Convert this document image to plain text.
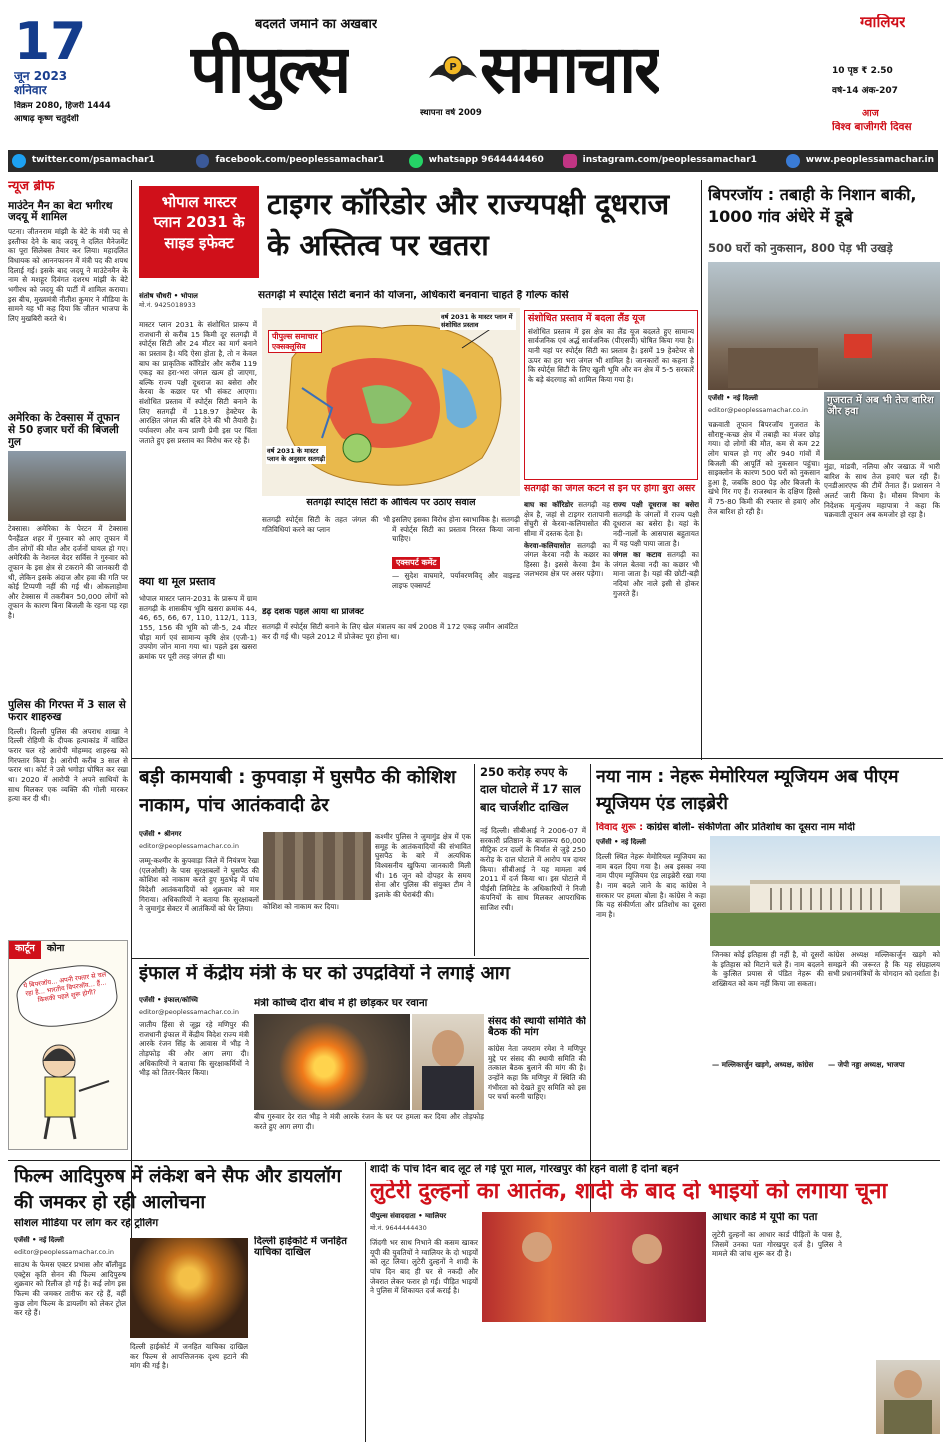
17
जून 2023
शनिवार
विक्रम 2080, हिजरी 1444
आषाढ़ कृष्ण चतुर्दशी
बदलते जमाने का अखबार
पीपुल्स	P समाचार
स्थापना वर्ष 2009
ग्वालियर
10 पृष्ठ ₹ 2.50
वर्ष-14 अंक-207
आज
विश्व बाजीगरी दिवस
twitter.com/psamachar1	facebook.com/peoplessamachar1	whatsapp 9644444460	instagram.com/peoplessamachar1	www.peoplessamachar.in
न्यूज ब्रीफ
माउंटेन मैन का बेटा भगीरथ जदयू में शामिल
पटना। जीतनराम मांझी के बेटे के मंत्री पद से इस्तीफा देने के बाद जदयू ने दलित मैनेजमेंट का पूरा सिलेबस तैयार कर लिया। महादलित विधायक को आननफानन में मंत्री पद की शपथ दिलाई गई। इसके बाद जदयू ने माउंटेनमैन के नाम से मशहूर दिवंगत दशरथ मांझी के बेटे भगीरथ को जदयू की पार्टी में शामिल कराया। इस बीच, मुख्यमंत्री नीतीश कुमार ने मीडिया के सामने यह भी कह दिया कि जीतन भाजपा के लिए मुखबिरी करते थे।
अमेरिका के टेक्सास में तूफान से 50 हजार घरों की बिजली गुल
टेक्सास। अमेरिका के पेरटन में टेक्सास पैनहैंडल शहर में गुरुवार को आए तूफान में तीन लोगों की मौत और दर्जनों घायल हो गए। अमेरिकी के नेशनल वेदर सर्विस ने गुरुवार को तूफान के इस क्षेत्र से टकराने की जानकारी दी थी, लेकिन इसके अंदाज और हवा की गति पर कोई टिप्पणी नहीं की गई थी। ओकलाहोमा और टेक्सास में तकरीबन 50,000 लोगों को तूफान के कारण बिना बिजली के रहना पड़ रहा है।
पुलिस की गिरफ्त में 3 साल से फरार शाहरुख
दिल्ली। दिल्ली पुलिस की अपराध शाखा ने दिल्ली रोहिणी के दीपक हत्याकांड में वांछित फरार चल रहे आरोपी मोहम्मद शाहरुख को गिरफ्तार किया है। आरोपी करीब 3 साल से फरार था। कोर्ट ने उसे भगोड़ा घोषित कर रखा था। 2020 में आरोपी ने अपने साथियों के साथ मिलकर एक व्यक्ति की गोली मारकर हत्या कर दी थी।
कार्टून	कोना
ये बिपरजॉय... अपनी रफ्तार से चल रहा है... भारतीय बिपरजॉय... हैं... किसकी पहले शुरू होगी?
भोपाल मास्टर प्लान 2031 के साइड इफेक्ट
टाइगर कॉरिडोर और राज्यपक्षी दूधराज के अस्तित्व पर खतरा
सतगढ़ी में स्पोर्ट्स सिटी बनाने की योजना, अधिकारी बनवाना चाहते हैं गोल्फ कोर्स
संतोष चौधरी • भोपाल
मो.नं. 9425018933
मास्टर प्लान 2031 के संशोधित प्रारूप में राजधानी से करीब 15 किमी दूर सतगढ़ी में स्पोर्ट्स सिटी और 24 मीटर का मार्ग बनाने का प्रस्ताव है। यदि ऐसा होता है, तो न केवल बाघ का प्राकृतिक कॉरिडोर और करीब 119 एकड़ का हरा-भरा जंगल खत्म हो जाएगा, बल्कि राज्य पक्षी दूधराज का बसेरा और केरवा के कछार पर भी संकट आएगा। संशोधित प्रस्ताव में स्पोर्ट्स सिटी बनाने के लिए सतगढ़ी में 118.97 हेक्टेयर के आरक्षित जंगल की बलि देने की भी तैयारी है। पर्यावरण और वन्य प्राणी प्रेमी इस पर चिंता जताते हुए इस प्रस्ताव का विरोध कर रहे हैं।
क्या था मूल प्रस्ताव
भोपाल मास्टर प्लान-2031 के प्रारूप में ग्राम सतगढ़ी के शासकीय भूमि खसरा क्रमांक 44, 46, 65, 66, 67, 110, 112/1, 113, 155, 156 की भूमि को जी-5, 24 मीटर चौड़ा मार्ग एवं सामान्य कृषि क्षेत्र (एजी-1) उपयोग जोन माना गया था। पहले इस खसरा क्रमांक पर पूरी तरह जंगल ही था।
पीपुल्स समाचार
एक्सक्लूसिव
वर्ष 2031 के मास्टर प्लान में संशोधित प्रस्ताव
वर्ष 2031 के मास्टर प्लान के अनुसार सतगढ़ी
सतगढ़ी स्पोर्ट्स सिटी के औचित्य पर उठाए सवाल
संशोधित प्रस्ताव में बदला लैंड यूज
संशोधित प्रस्ताव में इस क्षेत्र का लैंड यूज बदलते हुए सामान्य सार्वजनिक एवं अर्द्ध सार्वजनिक (पीएसपी) घोषित किया गया है। यानी यहां पर स्पोर्ट्स सिटी का प्रस्ताव है। इसमें 19 हेक्टेयर से ऊपर का हरा भरा जंगल भी शामिल है। जानकारों का कहना है कि स्पोर्ट्स सिटी के लिए खुली भूमि और वन क्षेत्र में 5-5 सरकारें के बड़े बंदरगाह को शामिल किया गया है।
सतगढ़ी का जंगल कटने से इन पर होगा बुरा असर
बाघ का कॉरिडोर सतगढ़ी वह क्षेत्र है, जहां से टाइगर रातापानी सेंचुरी से केरवा-कलियासोत की सीमा में दस्तक देता है।
केरवा-कलियासोत सतगढ़ी का जंगल केरवा नदी के कछार का हिस्सा है। इससे केरवा डैम के जलभराव क्षेत्र पर असर पड़ेगा।
राज्य पक्षी दूधराज का बसेरा सतगढ़ी के जंगलों में राज्य पक्षी दूधराज का बसेरा है। यहां के नदी-नालों के आसपास बहुतायत में यह पक्षी पाया जाता है।
जंगल का कटाव सतगढ़ी का जंगल बेतवा नदी का कछार भी माना जाता है। यहां की छोटी-बड़ी नदियां और नाले इसी से होकर गुजरते हैं।
सतगढ़ी स्पोर्ट्स सिटी के तहत जंगल की भी गतिविधियां करने का प्लान
इसलिए इसका विरोध होना स्वाभाविक है। सतगढ़ी में स्पोर्ट्स सिटी का प्रस्ताव निरस्त किया जाना चाहिए।
एक्सपर्ट कमेंट
— सुदेश वाघमारे, पर्यावरणविद् और वाइल्ड लाइफ एक्सपर्ट
डेढ़ दशक पहले आया था प्रोजेक्ट
सतगढ़ी में स्पोर्ट्स सिटी बनाने के लिए खेल मंत्रालय का वर्ष 2008 में 172 एकड़ जमीन आवंटित कर दी गई थी। पहले 2012 में प्रोजेक्ट पूरा होना था।
बिपरजॉय : तबाही के निशान बाकी, 1000 गांव अंधेरे में डूबे
500 घरों को नुकसान, 800 पेड़ भी उखड़े
एजेंसी • नई दिल्ली
editor@peoplessamachar.co.in
गुजरात में अब भी तेज बारिश और हवा
चक्रवाती तूफान बिपरजॉय गुजरात के सौराष्ट्र-कच्छ क्षेत्र में तबाही का मंजर छोड़ गया। दो लोगों की मौत, कम से कम 22 लोग घायल हो गए और 940 गांवों में बिजली की आपूर्ति को नुकसान पहुंचा। साइक्लोन के कारण 500 घरों को नुकसान हुआ है, जबकि 800 पेड़ और बिजली के खंभे गिर गए हैं। राजस्थान के दक्षिण हिस्से में 75-80 किमी की रफ्तार से हवाएं और तेज बारिश हो रही है।
मुंद्रा, मांडवी, नलिया और जखाऊ में भारी बारिश के साथ तेज हवाएं चल रही हैं। एनडीआरएफ की टीमें तैनात हैं। प्रशासन ने अलर्ट जारी किया है। मौसम विभाग के निदेशक मृत्युंजय महापात्रा ने कहा कि चक्रवाती तूफान अब कमजोर हो रहा है।
बड़ी कामयाबी : कुपवाड़ा में घुसपैठ की कोशिश नाकाम, पांच आतंकवादी ढेर
एजेंसी • श्रीनगर
editor@peoplessamachar.co.in
जम्मू-कश्मीर के कुपवाड़ा जिले में नियंत्रण रेखा (एलओसी) के पास सुरक्षाबलों ने घुसपैठ की कोशिश को नाकाम करते हुए मुठभेड़ में पांच विदेशी आतंकवादियों को शुक्रवार को मार गिराया। अधिकारियों ने बताया कि सुरक्षाबलों ने जुमागुंड सेक्टर में आतंकियों को घेर लिया।	कोशिश को नाकाम कर दिया।
कश्मीर पुलिस ने जुमागुंड क्षेत्र में एक समूह के आतंकवादियों की संभावित घुसपैठ के बारे में अत्यधिक विश्वसनीय खुफिया जानकारी मिली थी। 16 जून को दोपहर के समय सेना और पुलिस की संयुक्त टीम ने इलाके की घेराबंदी की।
250 करोड़ रुपए के दाल घोटाले में 17 साल बाद चार्जशीट दाखिल
नई दिल्ली। सीबीआई ने 2006-07 में सरकारी प्रतिष्ठान के बाजारूप 60,000 मीट्रिक टन दालों के निर्यात से जुड़े 250 करोड़ के दाल घोटाले में आरोप पत्र दायर किया। सीबीआई ने यह मामला वर्ष 2011 में दर्ज किया था। इस घोटाले में पीईसी लिमिटेड के अधिकारियों ने निजी कंपनियों के साथ मिलकर आपराधिक साजिश रची।
नया नाम : नेहरू मेमोरियल म्यूजियम अब पीएम म्यूजियम एंड लाइब्रेरी
विवाद शुरू : कांग्रेस बोली- संकीर्णता और प्रतिशोध का दूसरा नाम मोदी
एजेंसी • नई दिल्ली
दिल्ली स्थित नेहरू मेमोरियल म्यूजियम का नाम बदल दिया गया है। अब इसका नया नाम पीएम म्यूजियम एंड लाइब्रेरी रखा गया है। नाम बदले जाने के बाद कांग्रेस ने सरकार पर हमला बोला है। कांग्रेस ने कहा कि यह संकीर्णता और प्रतिशोध का दूसरा नाम है।
जिनका कोई इतिहास ही नहीं है, वो दूसरों के इतिहास को मिटाने चले हैं। नाम बदलने के कुत्सित प्रयास से पंडित नेहरू की शख्सियत को कम नहीं किया जा सकता।
— मल्लिकार्जुन खड़गे, अध्यक्ष, कांग्रेस
कांग्रेस अध्यक्ष मल्लिकार्जुन खड़गे को समझने की जरूरत है कि यह संग्रहालय सभी प्रधानमंत्रियों के योगदान को दर्शाता है।
— जेपी नड्डा अध्यक्ष, भाजपा
इंफाल में केंद्रीय मंत्री के घर को उपद्रवियों ने लगाई आग
एजेंसी • इंफाल/कोच्चि
editor@peoplessamachar.co.in
जातीय हिंसा से जूझ रहे मणिपुर की राजधानी इंफाल में केंद्रीय विदेश राज्य मंत्री आरके रंजन सिंह के आवास में भीड़ ने तोड़फोड़ की और आग लगा दी। अधिकारियों ने बताया कि सुरक्षाकर्मियों ने भीड़ को तितर-बितर किया।
मंत्री कोच्चि दौरा बीच में ही छोड़कर घर रवाना
बीच गुरुवार देर रात भीड़ ने मंत्री आरके रंजन के घर पर हमला कर दिया और तोड़फोड़ करते हुए आग लगा दी।
संसद की स्थायी समिति की बैठक की मांग
कांग्रेस नेता जयराम रमेश ने मणिपुर मुद्दे पर संसद की स्थायी समिति की तत्काल बैठक बुलाने की मांग की है। उन्होंने कहा कि मणिपुर में स्थिति की गंभीरता को देखते हुए समिति को इस पर चर्चा करनी चाहिए।
फिल्म आदिपुरुष में लंकेश बने सैफ और डायलॉग की जमकर हो रही आलोचना
सोशल मीडिया पर लोग कर रहे ट्रोलिंग
एजेंसी • नई दिल्ली
editor@peoplessamachar.co.in
साउथ के फेमस एक्टर प्रभास और बॉलीवुड एक्ट्रेस कृति सेनन की फिल्म आदिपुरुष शुक्रवार को रिलीज हो गई है। कई लोग इस फिल्म की जमकर तारीफ कर रहे हैं, वहीं कुछ लोग फिल्म के डायलॉग को लेकर ट्रोल कर रहे हैं।
दिल्ली हाईकोर्ट में जनहित याचिका दाखिल कर फिल्म से आपत्तिजनक दृश्य हटाने की मांग की गई है।
दिल्ली हाईकोर्ट में जनहित याचिका दाखिल
शादी के पांच दिन बाद लूट ले गई पूरा माल, गोरखपुर की रहने वाली हैं दोनों बहनें
लुटेरी दुल्हनों का आतंक, शादी के बाद दो भाइयों को लगाया चूना
पीपुल्स संवाददाता • ग्वालियर
मो.नं. 9644444430
जिंदगी भर साथ निभाने की कसम खाकर यूपी की युवतियों ने ग्वालियर के दो भाइयों को लूट लिया। लुटेरी दुल्हनों ने शादी के पांच दिन बाद ही घर से नकदी और जेवरात लेकर फरार हो गईं। पीड़ित भाइयों ने पुलिस में शिकायत दर्ज कराई है।
आधार कार्ड में यूपी का पता
लुटेरी दुल्हनों का आधार कार्ड पीड़ितों के पास है, जिसमें उनका पता गोरखपुर दर्ज है। पुलिस ने मामले की जांच शुरू कर दी है।
